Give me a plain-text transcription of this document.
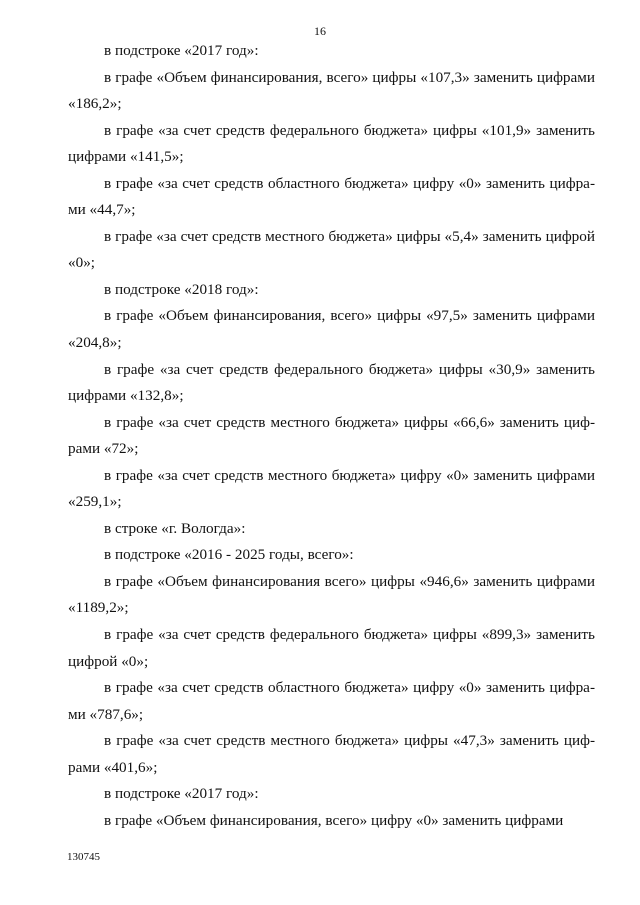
16

в подстроке «2017 год»:

в графе «Объем финансирования, всего» цифры «107,3» заменить цифрами «186,2»;

в графе «за счет средств федерального бюджета» цифры «101,9» заменить цифрами «141,5»;

в графе «за счет средств областного бюджета» цифру «0» заменить цифрами «44,7»;

в графе «за счет средств местного бюджета» цифры «5,4» заменить цифрой «0»;

в подстроке «2018 год»:

в графе «Объем финансирования, всего» цифры «97,5» заменить цифрами «204,8»;

в графе «за счет средств федерального бюджета» цифры «30,9» заменить цифрами «132,8»;

в графе «за счет средств местного бюджета» цифры «66,6» заменить цифрами «72»;

в графе «за счет средств местного бюджета» цифру «0» заменить цифрами «259,1»;

в строке «г. Вологда»:

в подстроке «2016 - 2025 годы, всего»:

в графе «Объем финансирования всего» цифры «946,6» заменить цифрами «1189,2»;

в графе «за счет средств федерального бюджета» цифры «899,3» заменить цифрой «0»;

в графе «за счет средств областного бюджета» цифру «0» заменить цифрами «787,6»;

в графе «за счет средств местного бюджета» цифры «47,3» заменить цифрами «401,6»;

в подстроке «2017 год»:

в графе «Объем финансирования, всего» цифру «0» заменить цифрами

130745
